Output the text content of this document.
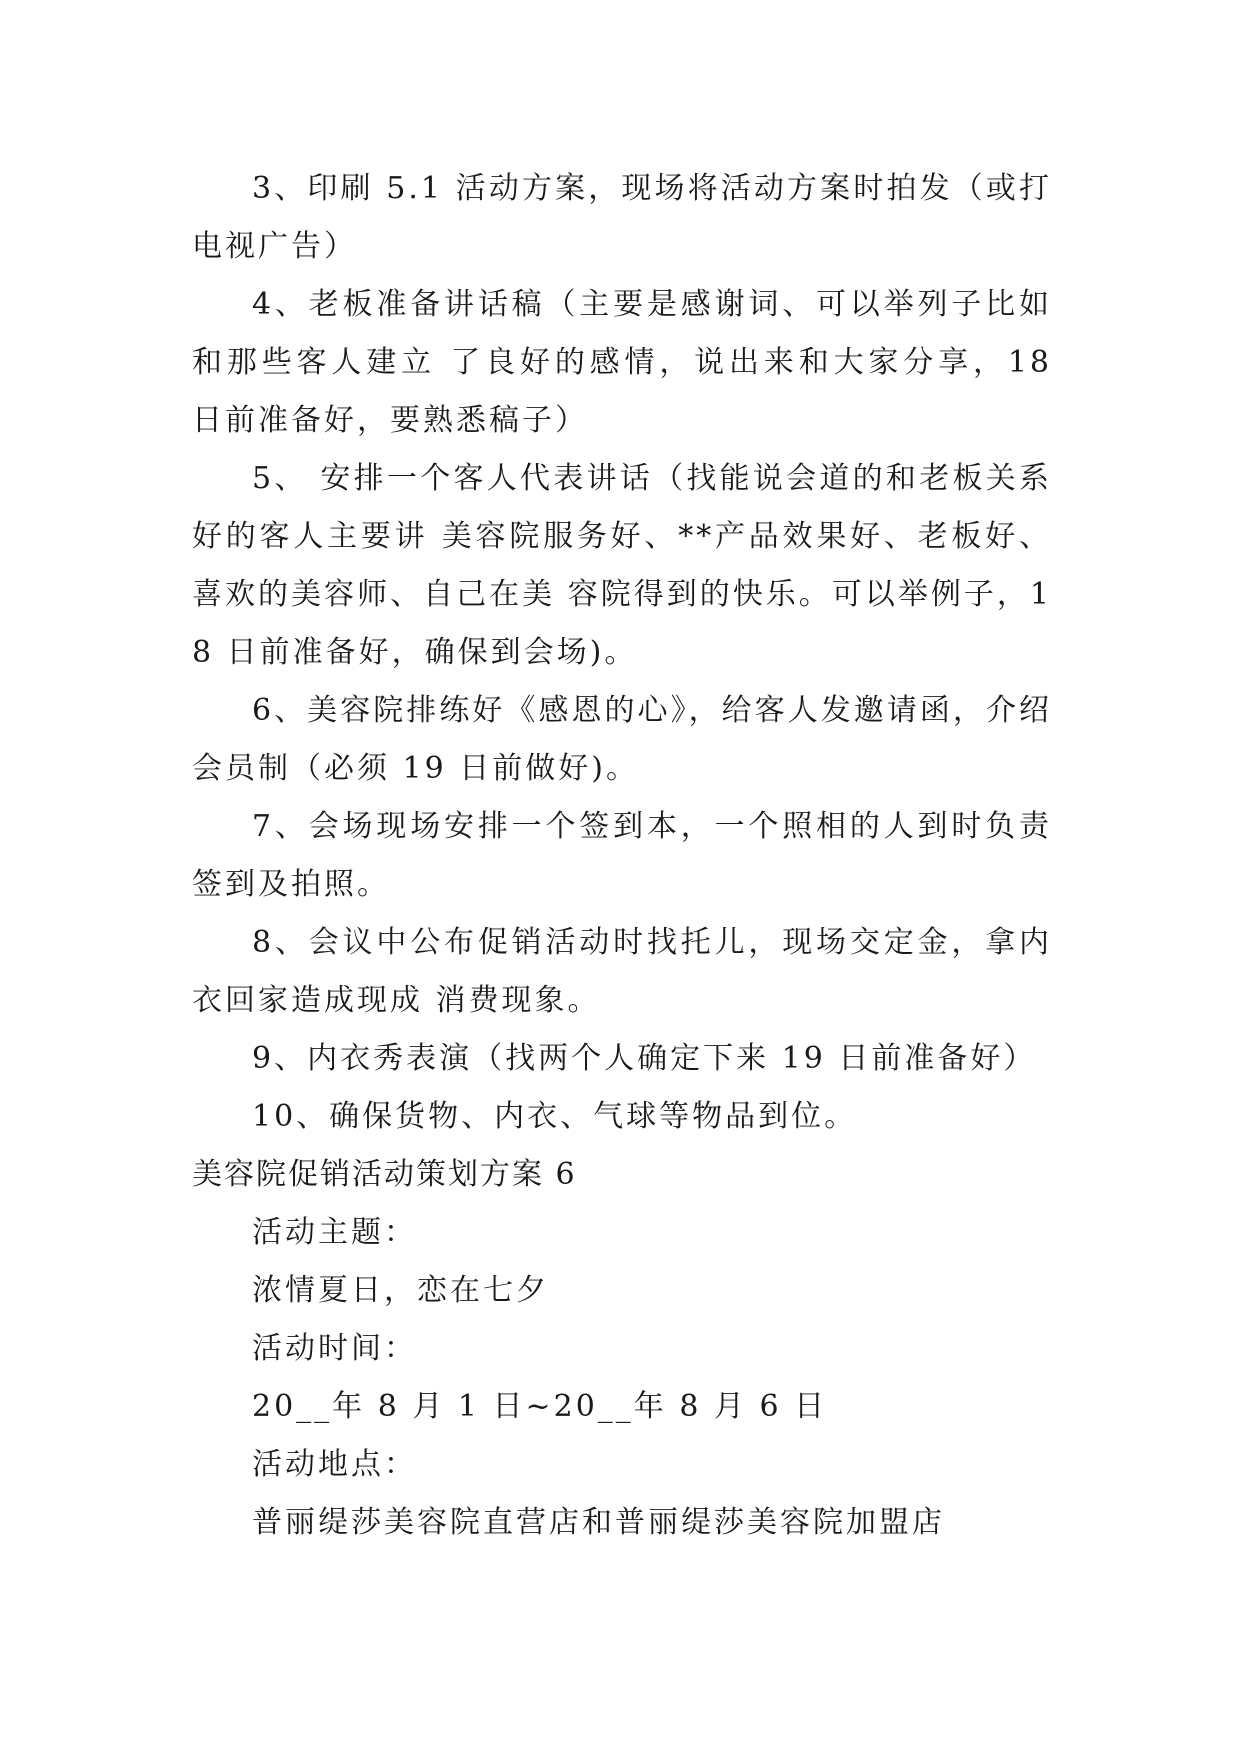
3、印刷 5.1 活动方案，现场将活动方案时拍发（或打电视广告）

4、老板准备讲话稿（主要是感谢词、可以举列子比如和那些客人建立 了良好的感情，说出来和大家分享，18 日前准备好，要熟悉稿子）

5、 安排一个客人代表讲话（找能说会道的和老板关系好的客人主要讲 美容院服务好、**产品效果好、老板好、喜欢的美容师、自己在美 容院得到的快乐。可以举例子，18 日前准备好，确保到会场)。

6、美容院排练好《感恩的心》，给客人发邀请函，介绍会员制（必须 19 日前做好)。

7、会场现场安排一个签到本，一个照相的人到时负责签到及拍照。

8、会议中公布促销活动时找托儿，现场交定金，拿内衣回家造成现成 消费现象。

9、内衣秀表演（找两个人确定下来 19 日前准备好）

10、确保货物、内衣、气球等物品到位。

美容院促销活动策划方案 6

活动主题：

浓情夏日，恋在七夕

活动时间：

20__年 8 月 1 日~20__年 8 月 6 日

活动地点：

普丽缇莎美容院直营店和普丽缇莎美容院加盟店
